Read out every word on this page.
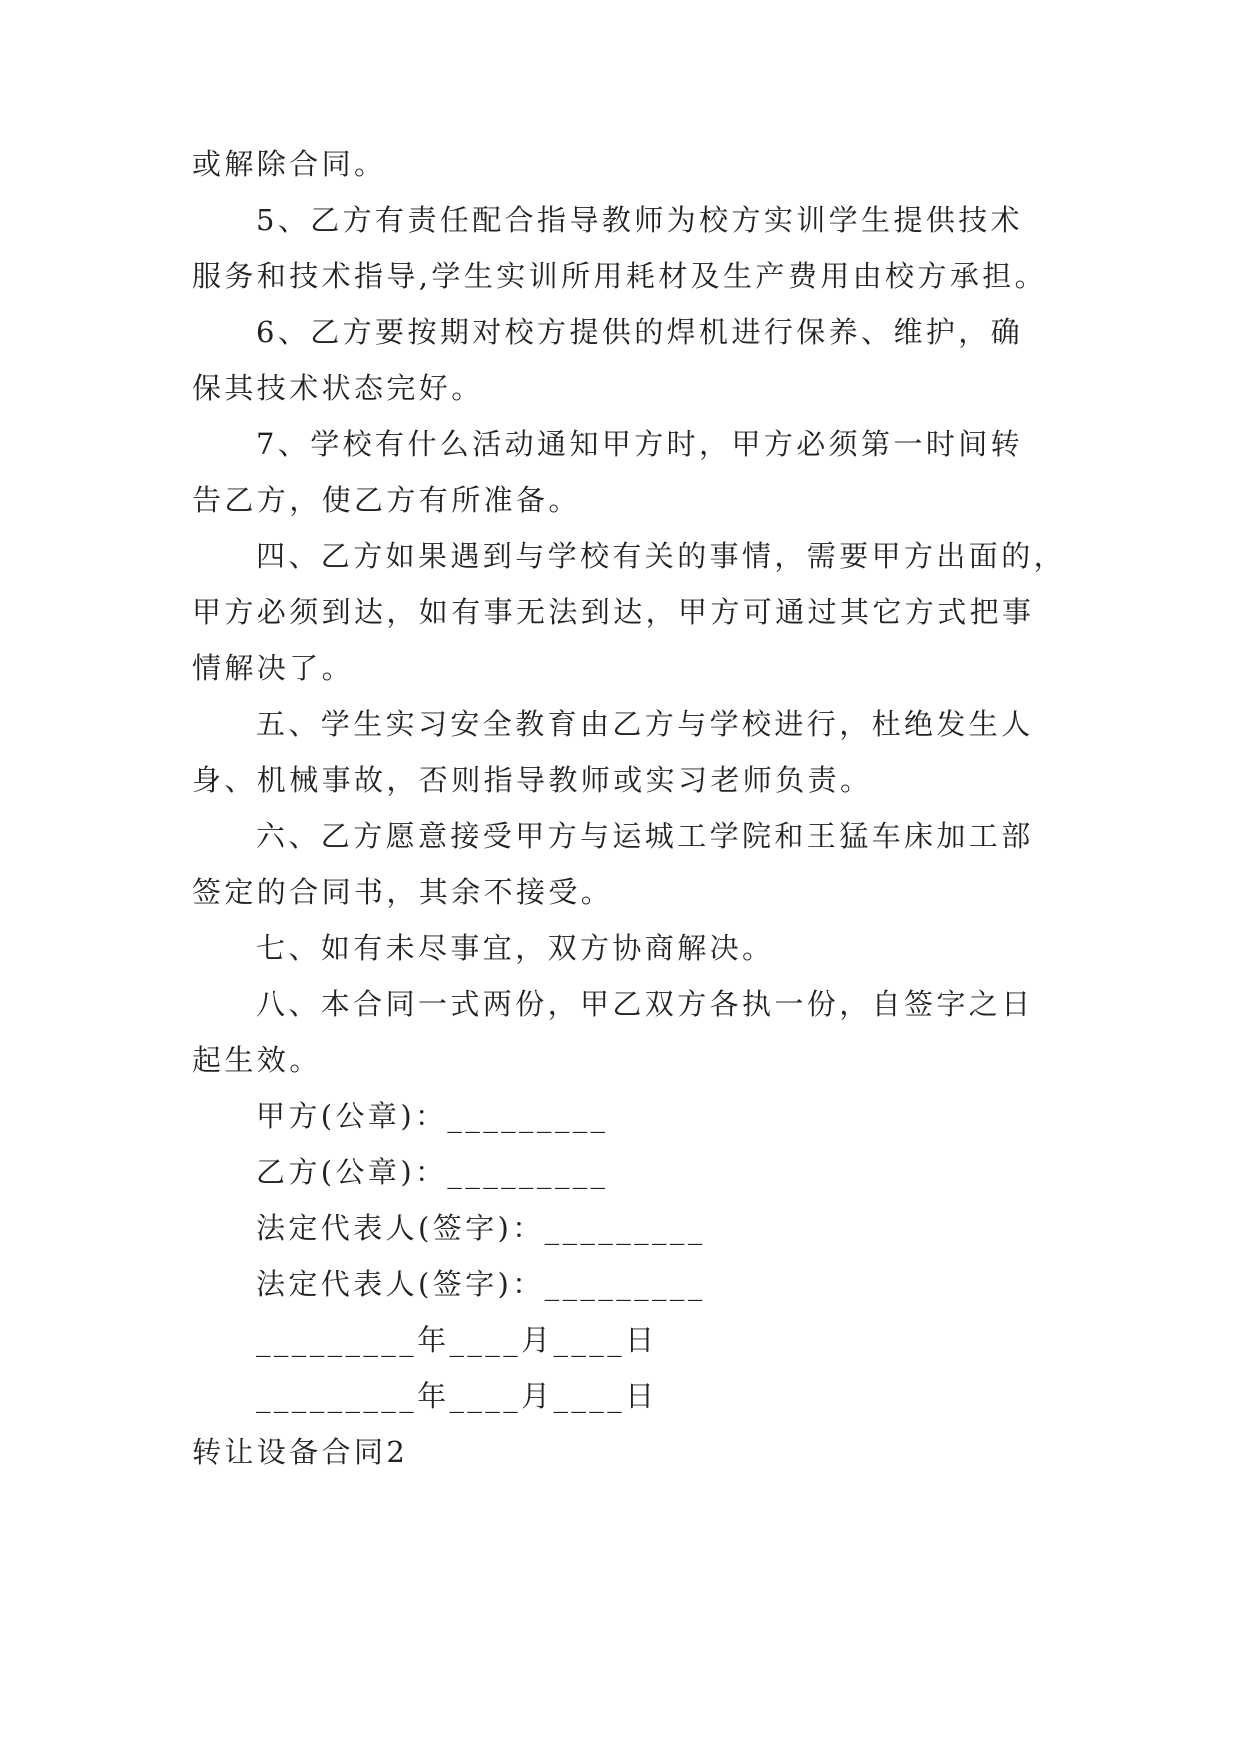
或解除合同。
5、乙方有责任配合指导教师为校方实训学生提供技术
服务和技术指导,学生实训所用耗材及生产费用由校方承担。
6、乙方要按期对校方提供的焊机进行保养、维护，确
保其技术状态完好。
7、学校有什么活动通知甲方时，甲方必须第一时间转
告乙方，使乙方有所准备。
四、乙方如果遇到与学校有关的事情，需要甲方出面的，
甲方必须到达，如有事无法到达，甲方可通过其它方式把事
情解决了。
五、学生实习安全教育由乙方与学校进行，杜绝发生人
身、机械事故，否则指导教师或实习老师负责。
六、乙方愿意接受甲方与运城工学院和王猛车床加工部
签定的合同书，其余不接受。
七、如有未尽事宜，双方协商解决。
八、本合同一式两份，甲乙双方各执一份，自签字之日
起生效。
甲方(公章)：_________
乙方(公章)：_________
法定代表人(签字)：_________
法定代表人(签字)：_________
_________年____月____日
_________年____月____日
转让设备合同2
